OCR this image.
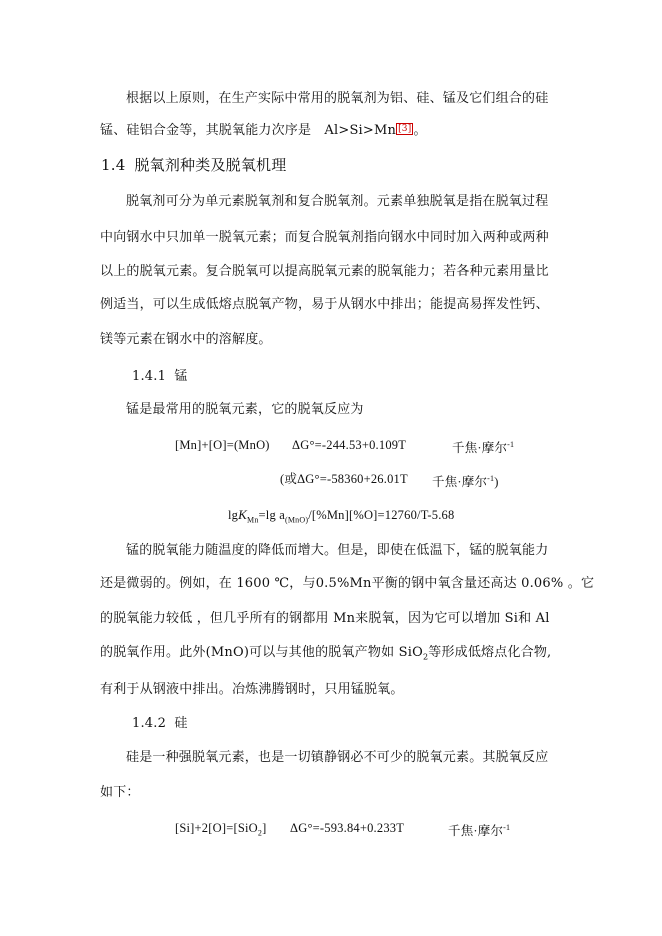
根据以上原则，在生产实际中常用的脱氧剂为铝、硅、锰及它们组合的硅
锰、硅铝合金等，其脱氧能力次序是　Al>Si>Mn [3] 。
1.4 脱氧剂种类及脱氧机理
脱氧剂可分为单元素脱氧剂和复合脱氧剂。元素单独脱氧是指在脱氧过程
中向钢水中只加单一脱氧元素；而复合脱氧剂指向钢水中同时加入两种或两种
以上的脱氧元素。复合脱氧可以提高脱氧元素的脱氧能力；若各种元素用量比
例适当，可以生成低熔点脱氧产物，易于从钢水中排出；能提高易挥发性钙、
镁等元素在钢水中的溶解度。
1.4.1 锰
锰是最常用的脱氧元素，它的脱氧反应为
[Mn]+[O]=(MnO) ΔG°=-244.53+0.109T	千焦·摩尔$^{-1}$
(或ΔG°=-58360+26.01T 千焦·摩尔$^{-1}$)
lgK$_{Mn}$=lg $a_{(MnO)}/[\%Mn][\%O]=12760/T-5.68$
锰的脱氧能力随温度的降低而增大。但是，即使在低温下，锰的脱氧能力
还是微弱的。例如，在 1600 ℃，与0.5%Mn平衡的钢中氧含量还高达 0.06% 。它
的脱氧能力较低 ，但几乎所有的钢都用 Mn来脱氧，因为它可以增加 Si和 Al
的脱氧作用。此外(MnO)可以与其他的脱氧产物如 SiO$_2$等形成低熔点化合物,
有利于从钢液中排出。冶炼沸腾钢时，只用锰脱氧。
1.4.2 硅
硅是一种强脱氧元素，也是一切镇静钢必不可少的脱氧元素。其脱氧反应
如下：
[Si]+2[O]=[SiO$_2$] ΔG°=-593.84+0.233T	千焦·摩尔$^{-1}$
